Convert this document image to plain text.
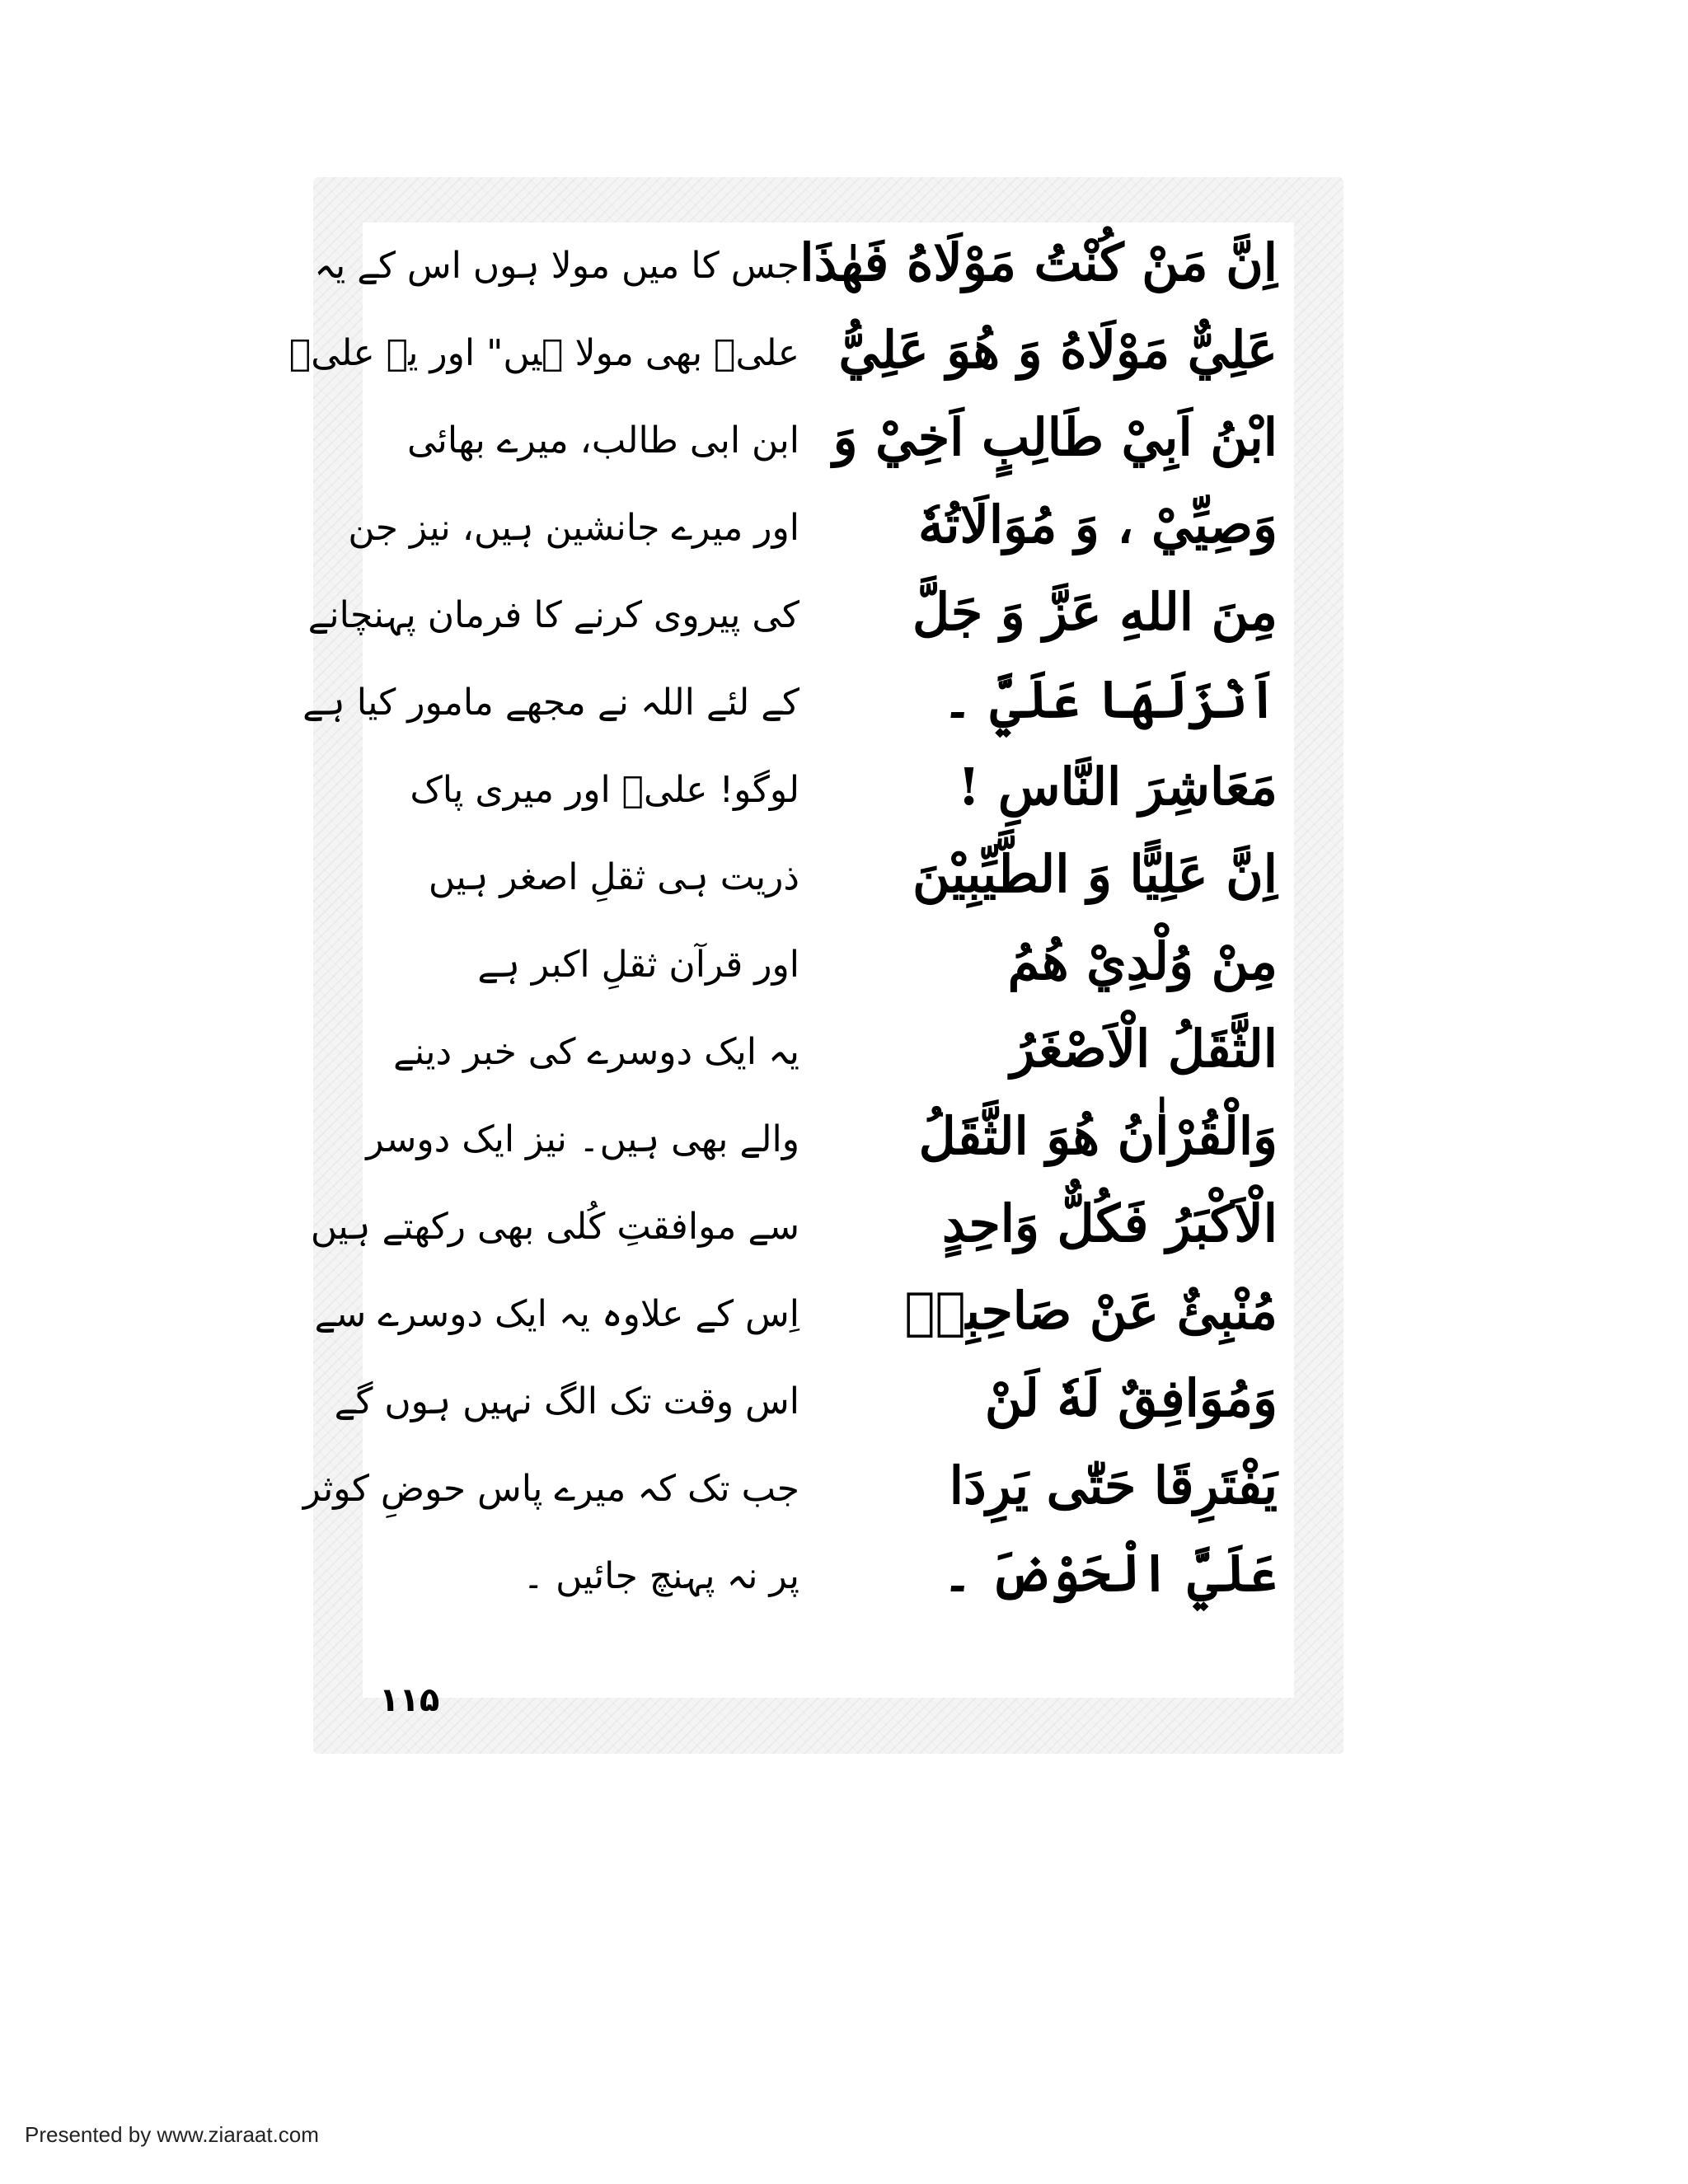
اِنَّ مَنْ كُنْتُ مَوْلَاهُ فَهٰذَا
جس کا میں مولا ہوں اس کے یہ
عَلِيٌّ مَوْلَاهُ وَ هُوَ عَلِيُّ
علیؑ بھی مولا ہیں" اور یہ علیؑ
ابْنُ اَبِيْ طَالِبٍ اَخِيْ وَ
ابن ابی طالب، میرے بھائی
وَصِيِّيْ ، وَ مُوَالَاتُهٗ
اور میرے جانشین ہیں، نیز جن
مِنَ اللهِ عَزَّ وَ جَلَّ
کی پیروی کرنے کا فرمان پہنچانے
اَنْزَلَهَا عَلَيَّ ۔
کے لئے اللہ نے مجھے مامور کیا ہے
مَعَاشِرَ النَّاسِ !
لوگو! علیؑ اور میری پاک
اِنَّ عَلِيًّا وَ الطَّيِّبِيْنَ
ذریت ہی ثقلِ اصغر ہیں
مِنْ وُلْدِيْ هُمُ
اور قرآن ثقلِ اکبر ہے
الثَّقَلُ الْاَصْغَرُ
یہ ایک دوسرے کی خبر دینے
وَالْقُرْاٰنُ هُوَ الثَّقَلُ
والے بھی ہیں۔ نیز ایک دوسر
الْاَكْبَرُ فَكُلٌّ وَاحِدٍ
سے موافقتِ کُلی بھی رکھتے ہیں
مُنْبِئٌ عَنْ صَاحِبِهٖ
اِس کے علاوہ یہ ایک دوسرے سے
وَمُوَافِقٌ لَهٗ لَنْ
اس وقت تک الگ نہیں ہوں گے
يَفْتَرِقَا حَتّٰى يَرِدَا
جب تک کہ میرے پاس حوضِ کوثر
عَلَيَّ الْحَوْضَ ۔
پر نہ پہنچ جائیں ۔
۱۱۵
Presented by www.ziaraat.com
